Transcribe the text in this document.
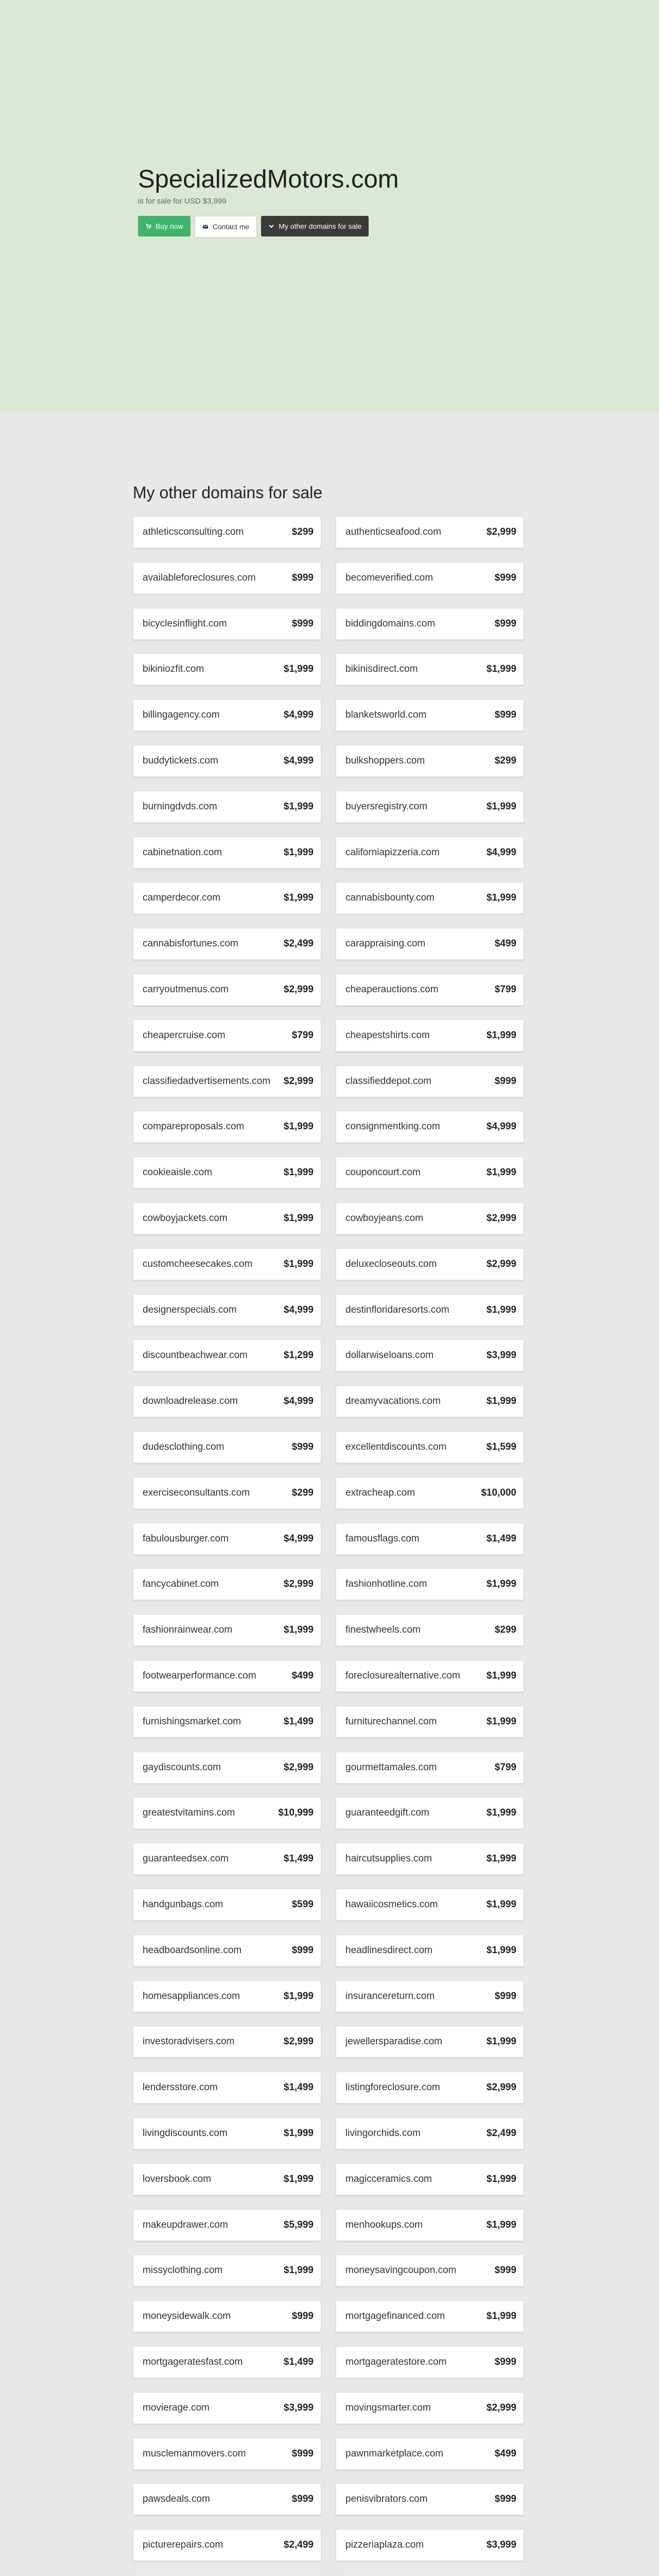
SpecializedMotors.com
is for sale for USD $3,999
Buy now	Contact me	My other domains for sale
My other domains for sale
athleticsconsulting.com	$299	authenticseafood.com	$2,999
availableforeclosures.com	$999	becomeverified.com	$999
bicyclesinflight.com	$999	biddingdomains.com	$999
bikiniozfit.com	$1,999	bikinisdirect.com	$1,999
billingagency.com	$4,999	blanketsworld.com	$999
buddytickets.com	$4,999	bulkshoppers.com	$299
burningdvds.com	$1,999	buyersregistry.com	$1,999
cabinetnation.com	$1,999	californiapizzeria.com	$4,999
camperdecor.com	$1,999	cannabisbounty.com	$1,999
cannabisfortunes.com	$2,499	carappraising.com	$499
carryoutmenus.com	$2,999	cheaperauctions.com	$799
cheapercruise.com	$799	cheapestshirts.com	$1,999
classifiedadvertisements.com $2,999	classifieddepot.com	$999
compareproposals.com	$1,999	consignmentking.com	$4,999
cookieaisle.com	$1,999	couponcourt.com	$1,999
cowboyjackets.com	$1,999	cowboyjeans.com	$2,999
customcheesecakes.com	$1,999	deluxecloseouts.com	$2,999
designerspecials.com	$4,999	destinfloridaresorts.com	$1,999
discountbeachwear.com	$1,299	dollarwiseloans.com	$3,999
downloadrelease.com	$4,999	dreamyvacations.com	$1,999
dudesclothing.com	$999	excellentdiscounts.com	$1,599
exerciseconsultants.com	$299	extracheap.com	$10,000
fabulousburger.com	$4,999	famousflags.com	$1,499
fancycabinet.com	$2,999	fashionhotline.com	$1,999
fashionrainwear.com	$1,999	finestwheels.com	$299
footwearperformance.com	$499	foreclosurealternative.com	$1,999
furnishingsmarket.com	$1,499	furniturechannel.com	$1,999
gaydiscounts.com	$2,999	gourmettamales.com	$799
greatestvitamins.com	$10,999	guaranteedgift.com	$1,999
guaranteedsex.com	$1,499	haircutsupplies.com	$1,999
handgunbags.com	$599	hawaiicosmetics.com	$1,999
headboardsonline.com	$999	headlinesdirect.com	$1,999
homesappliances.com	$1,999	insurancereturn.com	$999
investoradvisers.com	$2,999	jewellersparadise.com	$1,999
lendersstore.com	$1,499	listingforeclosure.com	$2,999
livingdiscounts.com	$1,999	livingorchids.com	$2,499
loversbook.com	$1,999	magicceramics.com	$1,999
makeupdrawer.com	$5,999	menhookups.com	$1,999
missyclothing.com	$1,999	moneysavingcoupon.com	$999
moneysidewalk.com	$999	mortgagefinanced.com	$1,999
mortgageratesfast.com	$1,499	mortgageratestore.com	$999
movierage.com	$3,999	movingsmarter.com	$2,999
musclemanmovers.com	$999	pawnmarketplace.com	$499
pawsdeals.com	$999	penisvibrators.com	$999
picturerepairs.com	$2,499	pizzeriaplaza.com	$3,999
